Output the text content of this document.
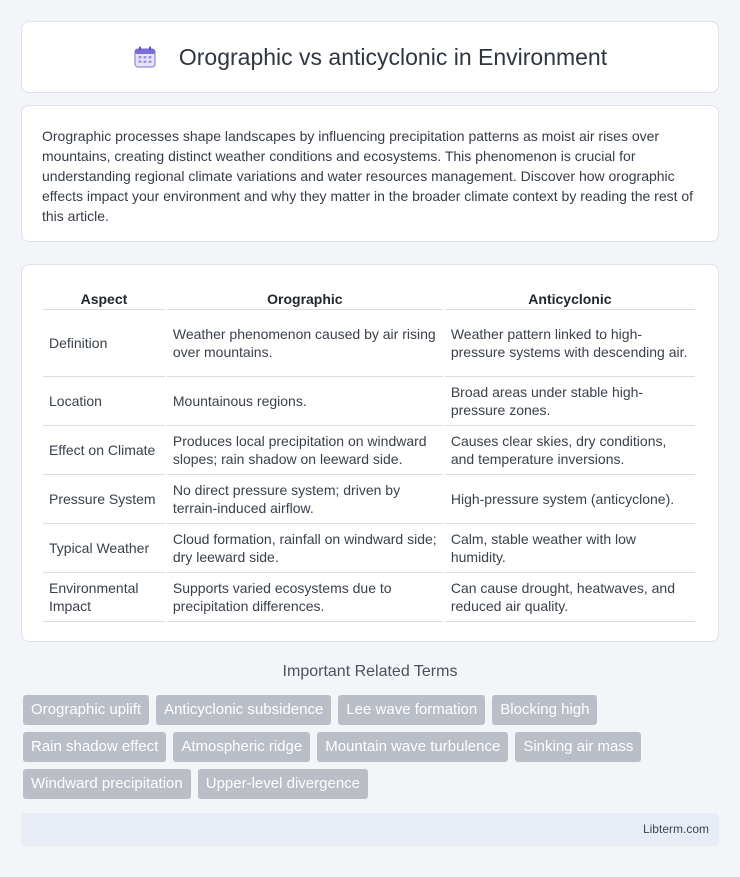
Orographic vs anticyclonic in Environment

Orographic processes shape landscapes by influencing precipitation patterns as moist air rises over mountains, creating distinct weather conditions and ecosystems. This phenomenon is crucial for understanding regional climate variations and water resources management. Discover how orographic effects impact your environment and why they matter in the broader climate context by reading the rest of this article.

Aspect	Orographic	Anticyclonic
Definition	Weather phenomenon caused by air rising over mountains.	Weather pattern linked to high-pressure systems with descending air.
Location	Mountainous regions.	Broad areas under stable high-pressure zones.
Effect on Climate	Produces local precipitation on windward slopes; rain shadow on leeward side.	Causes clear skies, dry conditions, and temperature inversions.
Pressure System	No direct pressure system; driven by terrain-induced airflow.	High-pressure system (anticyclone).
Typical Weather	Cloud formation, rainfall on windward side; dry leeward side.	Calm, stable weather with low humidity.
Environmental Impact	Supports varied ecosystems due to precipitation differences.	Can cause drought, heatwaves, and reduced air quality.
Important Related Terms
Orographic uplift	Anticyclonic subsidence	Lee wave formation	Blocking high
Rain shadow effect	Atmospheric ridge	Mountain wave turbulence	Sinking air mass
Windward precipitation	Upper-level divergence
Libterm.com
